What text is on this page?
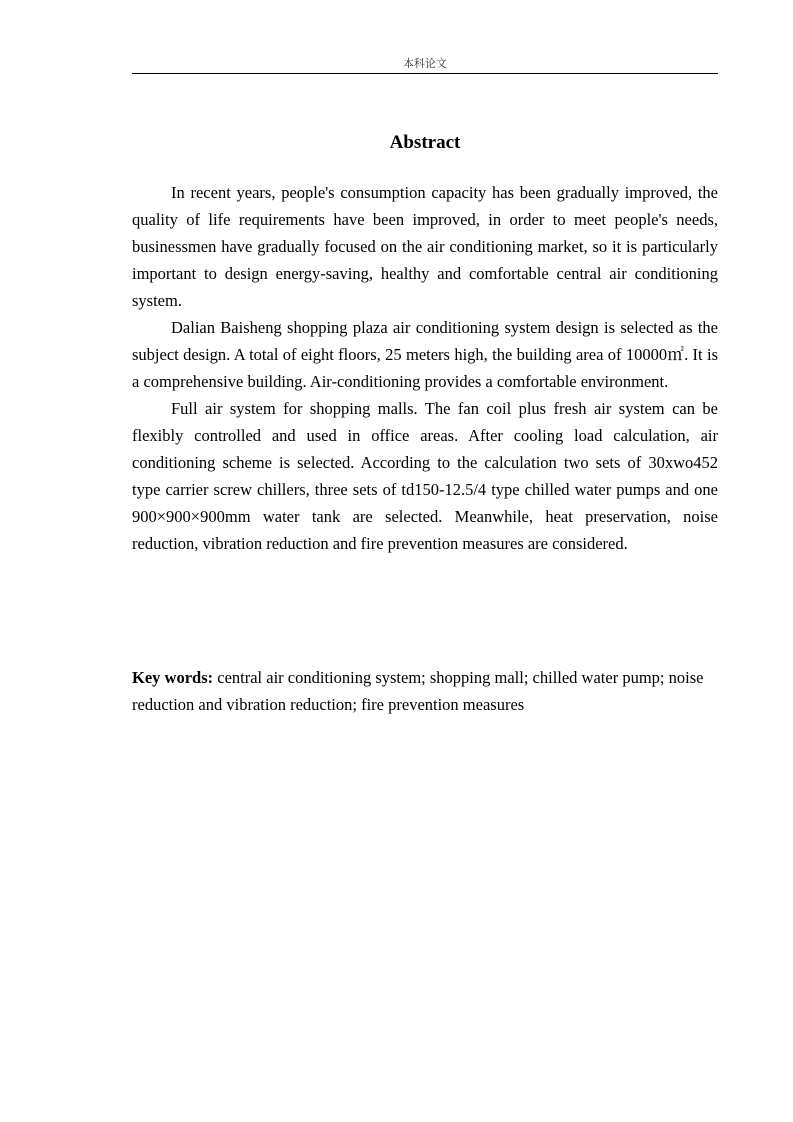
本科论文
Abstract

In recent years, people's consumption capacity has been gradually improved, the quality of life requirements have been improved, in order to meet people's needs, businessmen have gradually focused on the air conditioning market, so it is particularly important to design energy-saving, healthy and comfortable central air conditioning system.

Dalian Baisheng shopping plaza air conditioning system design is selected as the subject design. A total of eight floors, 25 meters high, the building area of 10000㎡. It is a comprehensive building. Air-conditioning provides a comfortable environment.

Full air system for shopping malls. The fan coil plus fresh air system can be flexibly controlled and used in office areas. After cooling load calculation, air conditioning scheme is selected. According to the calculation two sets of 30xwo452 type carrier screw chillers, three sets of td150-12.5/4 type chilled water pumps and one 900×900×900mm water tank are selected. Meanwhile, heat preservation, noise reduction, vibration reduction and fire prevention measures are considered.

Key words: central air conditioning system; shopping mall; chilled water pump; noise reduction and vibration reduction; fire prevention measures
